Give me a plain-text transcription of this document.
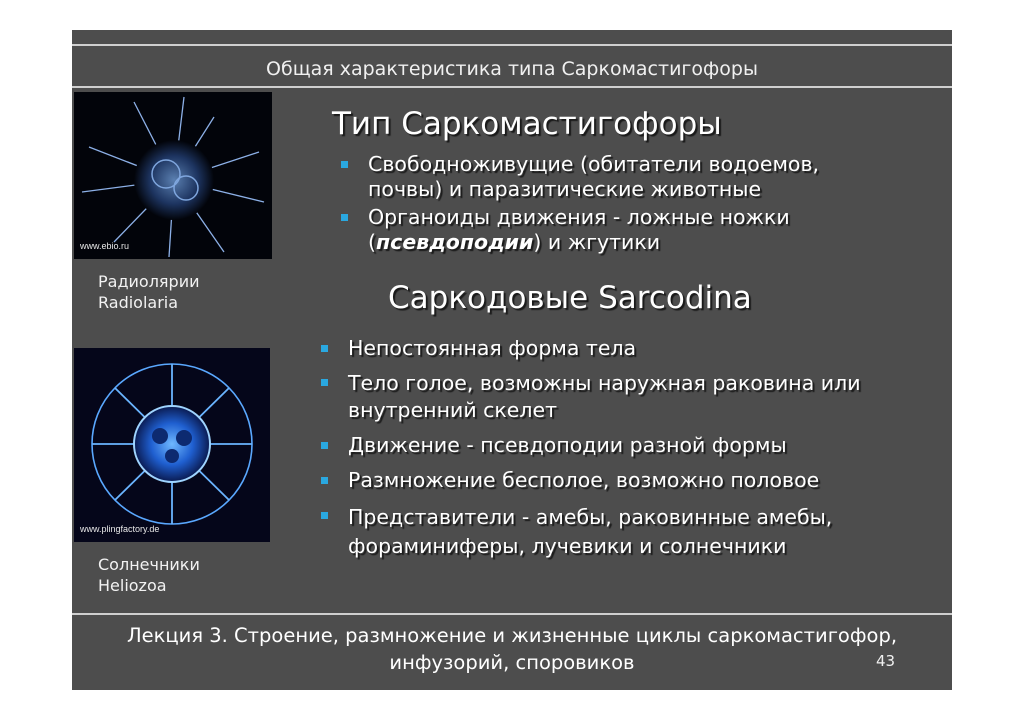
Общая характеристика типа Саркомастигофоры
www.ebio.ru
Радиолярии
Radiolaria
www.plingfactory.de
Солнечники
Heliozoa
Тип Саркомастигофоры
Свободноживущие (обитатели водоемов,
почвы) и паразитические животные
Органоиды движения - ложные ножки
(псевдоподии) и жгутики
Саркодовые Sarcodina
Непостоянная форма тела
Тело голое, возможны наружная раковина или
внутренний скелет
Движение - псевдоподии разной формы
Размножение бесполое, возможно половое
Представители - амебы, раковинные амебы,
фораминиферы, лучевики и солнечники
Лекция 3. Строение, размножение и жизненные циклы саркомастигофор,
инфузорий, споровиков	43
